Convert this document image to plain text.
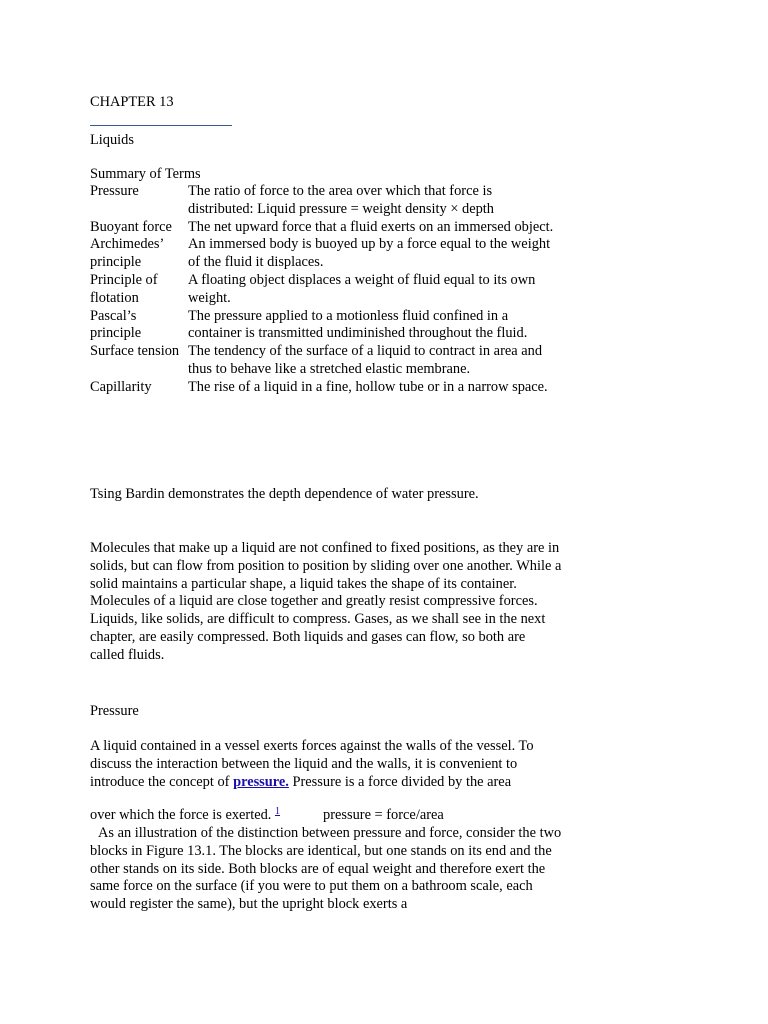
CHAPTER 13
Liquids
Summary of Terms
Pressure	The ratio of force to the area over which that force is distributed: Liquid pressure = weight density × depth
Buoyant force	The net upward force that a fluid exerts on an immersed object.
Archimedes’ principle	An immersed body is buoyed up by a force equal to the weight of the fluid it displaces.
Principle of flotation	A floating object displaces a weight of fluid equal to its own weight.
Pascal’s principle	The pressure applied to a motionless fluid confined in a container is transmitted undiminished throughout the fluid.
Surface tension	The tendency of the surface of a liquid to contract in area and thus to behave like a stretched elastic membrane.
Capillarity	The rise of a liquid in a fine, hollow tube or in a narrow space.
Tsing Bardin demonstrates the depth dependence of water pressure.

Molecules that make up a liquid are not confined to fixed positions, as they are in solids, but can flow from position to position by sliding over one another. While a solid maintains a particular shape, a liquid takes the shape of its container. Molecules of a liquid are close together and greatly resist compressive forces. Liquids, like solids, are difficult to compress. Gases, as we shall see in the next chapter, are easily compressed. Both liquids and gases can flow, so both are called fluids.

Pressure

A liquid contained in a vessel exerts forces against the walls of the vessel. To discuss the interaction between the liquid and the walls, it is convenient to introduce the concept of pressure. Pressure is a force divided by the area

over which the force is exerted. $^1$	pressure = force/area

As an illustration of the distinction between pressure and force, consider the two blocks in Figure 13.1. The blocks are identical, but one stands on its end and the other stands on its side. Both blocks are of equal weight and therefore exert the same force on the surface (if you were to put them on a bathroom scale, each would register the same), but the upright block exerts a
